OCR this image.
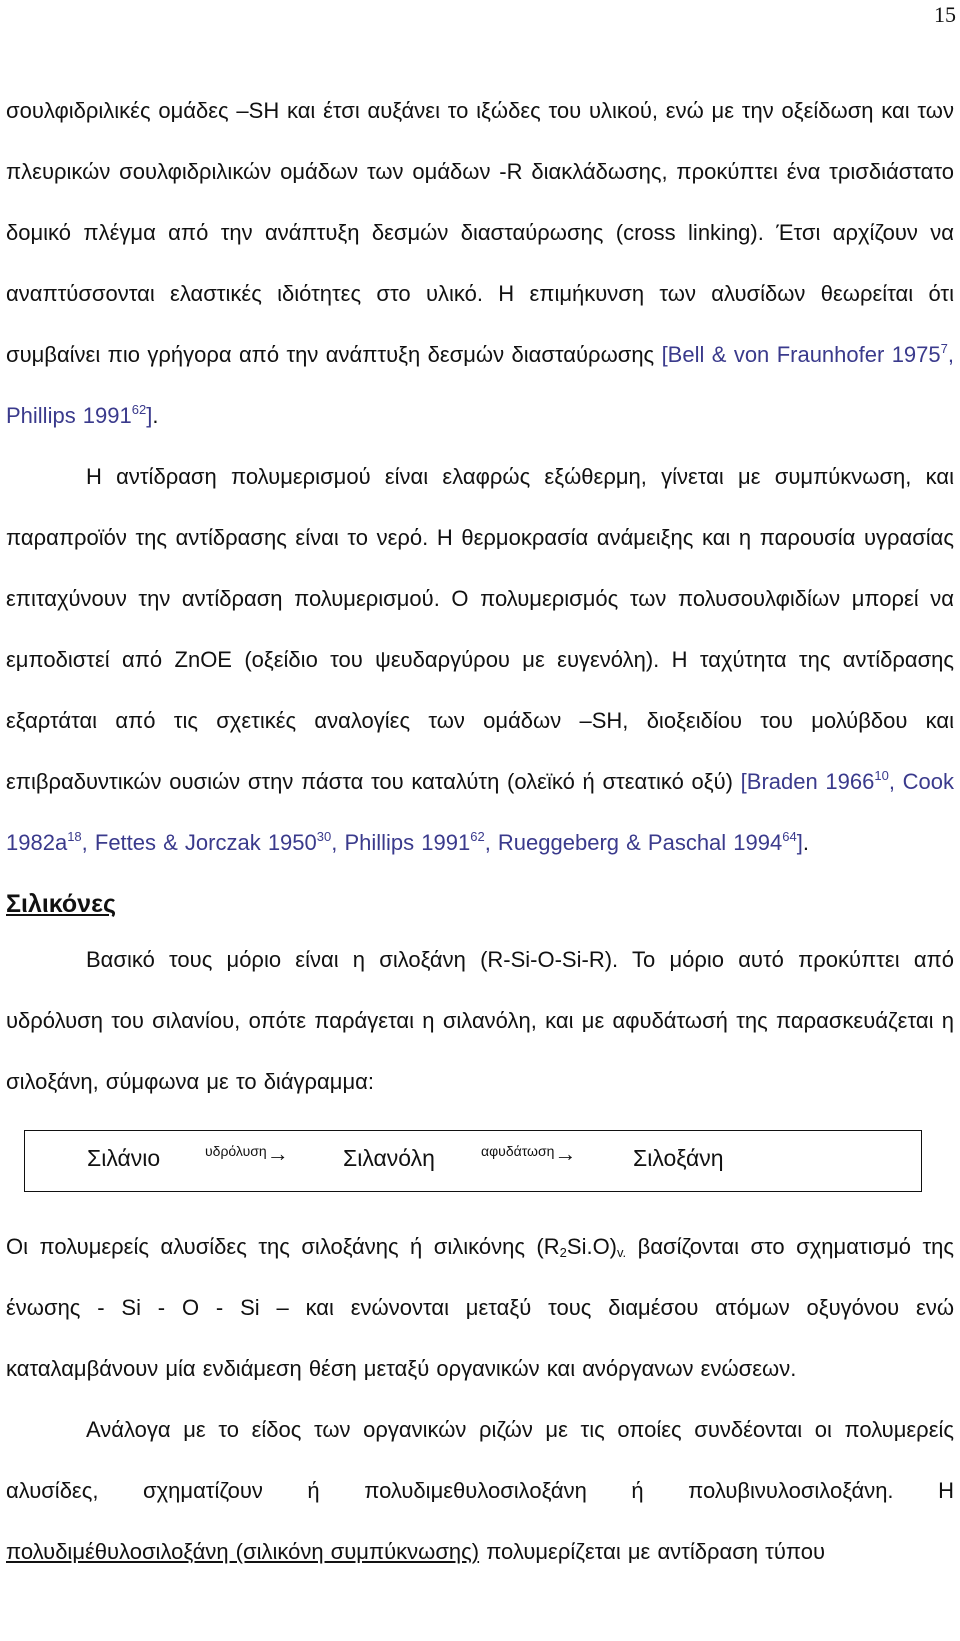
15

σουλφιδριλικές ομάδες –SH και έτσι αυξάνει το ιξώδες του υλικού, ενώ με την οξείδωση και των πλευρικών σουλφιδριλικών ομάδων των ομάδων -R διακλάδωσης, προκύπτει ένα τρισδιάστατο δομικό πλέγμα από την ανάπτυξη δεσμών διασταύρωσης (cross linking). Έτσι αρχίζουν να αναπτύσσονται ελαστικές ιδιότητες στο υλικό. Η επιμήκυνση των αλυσίδων θεωρείται ότι συμβαίνει πιο γρήγορα από την ανάπτυξη δεσμών διασταύρωσης [Bell & von Fraunhofer 1975$^7$, Phillips 1991$^{62}$].

Η αντίδραση πολυμερισμού είναι ελαφρώς εξώθερμη, γίνεται με συμπύκνωση, και παραπροϊόν της αντίδρασης είναι το νερό. Η θερμοκρασία ανάμειξης και η παρουσία υγρασίας επιταχύνουν την αντίδραση πολυμερισμού. Ο πολυμερισμός των πολυσουλφιδίων μπορεί να εμποδιστεί από ZnOE (οξείδιο του ψευδαργύρου με ευγενόλη). Η ταχύτητα της αντίδρασης εξαρτάται από τις σχετικές αναλογίες των ομάδων –SH, διοξειδίου του μολύβδου και επιβραδυντικών ουσιών στην πάστα του καταλύτη (ολεϊκό ή στεατικό οξύ) [Braden 1966$^{10}$, Cook $1982a^{18}$, Fettes & Jorczak 1950$^{30}$, Phillips 1991$^{62}$, Rueggeberg & Paschal 1994$^{64}$].

Σιλικόνες

Βασικό τους μόριο είναι η σιλοξάνη (R-Si-O-Si-R). Το μόριο αυτό προκύπτει από υδρόλυση του σιλανίου, οπότε παράγεται η σιλανόλη, και με αφυδάτωσή της παρασκευάζεται η σιλοξάνη, σύμφωνα με το διάγραμμα:

Σιλάνιο	υδρόλυση→ Σιλανόλη	αφυδάτωση→ Σιλοξάνη

Οι πολυμερείς αλυσίδες της σιλοξάνης ή σιλικόνης $(R_2Si.O)_{v.}$ βασίζονται στο σχηματισμό της ένωσης - Si - O - Si – και ενώνονται μεταξύ τους διαμέσου ατόμων οξυγόνου ενώ καταλαμβάνουν μία ενδιάμεση θέση μεταξύ οργανικών και ανόργανων ενώσεων.

Ανάλογα με το είδος των οργανικών ριζών με τις οποίες συνδέονται οι πολυμερείς αλυσίδες, σχηματίζουν ή πολυδιμεθυλοσιλοξάνη ή πολυβινυλοσιλοξάνη. Η πολυδιμέθυλοσιλοξάνη (σιλικόνη συμπύκνωσης) πολυμερίζεται με αντίδραση τύπου
